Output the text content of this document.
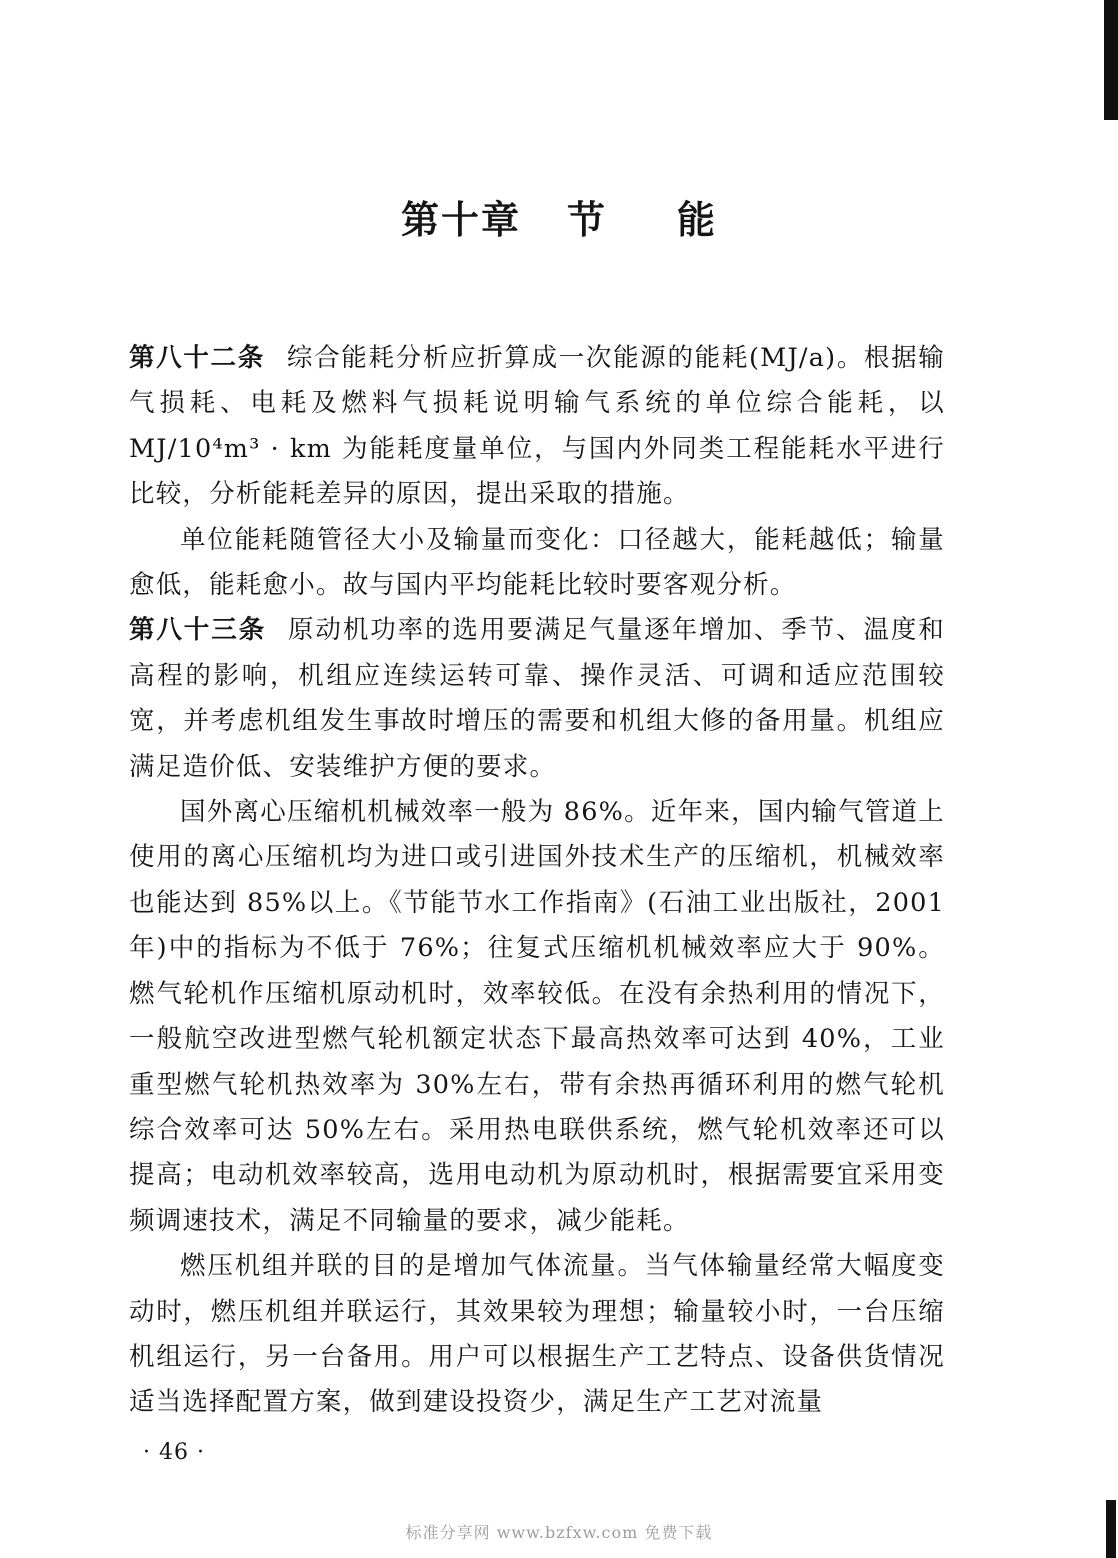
第十章 节 能

第八十二条 综合能耗分析应折算成一次能源的能耗(MJ/a)。根据输气损耗、电耗及燃料气损耗说明输气系统的单位综合能耗，以 MJ/10⁴m³ · km 为能耗度量单位，与国内外同类工程能耗水平进行比较，分析能耗差异的原因，提出采取的措施。

单位能耗随管径大小及输量而变化：口径越大，能耗越低；输量愈低，能耗愈小。故与国内平均能耗比较时要客观分析。

第八十三条 原动机功率的选用要满足气量逐年增加、季节、温度和高程的影响，机组应连续运转可靠、操作灵活、可调和适应范围较宽，并考虑机组发生事故时增压的需要和机组大修的备用量。机组应满足造价低、安装维护方便的要求。

国外离心压缩机机械效率一般为 86%。近年来，国内输气管道上使用的离心压缩机均为进口或引进国外技术生产的压缩机，机械效率也能达到 85%以上。《节能节水工作指南》(石油工业出版社，2001 年)中的指标为不低于 76%；往复式压缩机机械效率应大于 90%。燃气轮机作压缩机原动机时，效率较低。在没有余热利用的情况下，一般航空改进型燃气轮机额定状态下最高热效率可达到 40%，工业重型燃气轮机热效率为 30%左右，带有余热再循环利用的燃气轮机综合效率可达 50%左右。采用热电联供系统，燃气轮机效率还可以提高；电动机效率较高，选用电动机为原动机时，根据需要宜采用变频调速技术，满足不同输量的要求，减少能耗。

燃压机组并联的目的是增加气体流量。当气体输量经常大幅度变动时，燃压机组并联运行，其效果较为理想；输量较小时，一台压缩机组运行，另一台备用。用户可以根据生产工艺特点、设备供货情况适当选择配置方案，做到建设投资少，满足生产工艺对流量

· 46 ·
标准分享网 www.bzfxw.com 免费下载
